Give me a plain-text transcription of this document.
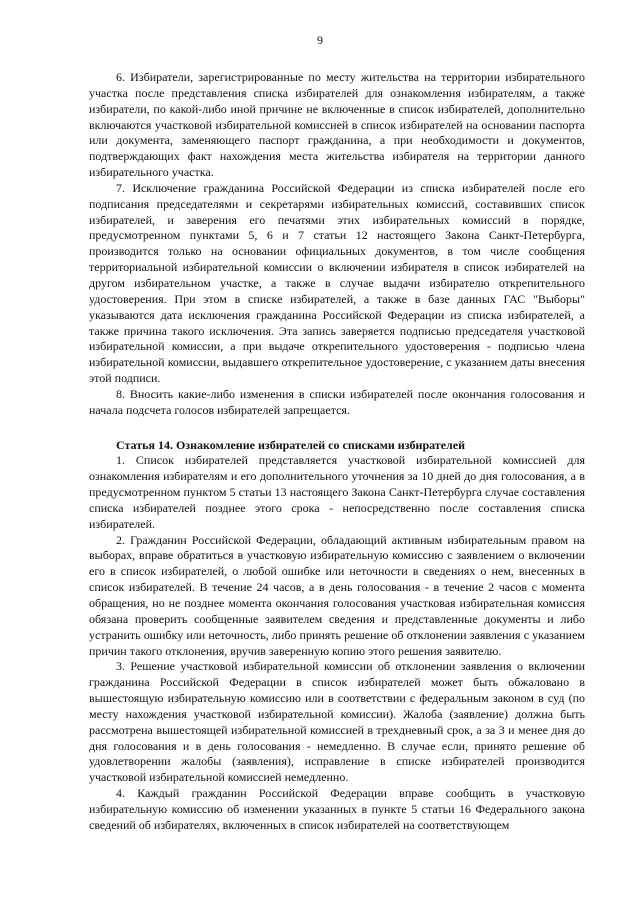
9

6. Избиратели, зарегистрированные по месту жительства на территории избирательного участка после представления списка избирателей для ознакомления избирателям, а также избиратели, по какой-либо иной причине не включенные в список избирателей, дополнительно включаются участковой избирательной комиссией в список избирателей на основании паспорта или документа, заменяющего паспорт гражданина, а при необходимости и документов, подтверждающих факт нахождения места жительства избирателя на территории данного избирательного участка.

7. Исключение гражданина Российской Федерации из списка избирателей после его подписания председателями и секретарями избирательных комиссий, составивших список избирателей, и заверения его печатями этих избирательных комиссий в порядке, предусмотренном пунктами 5, 6 и 7 статьи 12 настоящего Закона Санкт-Петербурга, производится только на основании официальных документов, в том числе сообщения территориальной избирательной комиссии о включении избирателя в список избирателей на другом избирательном участке, а также в случае выдачи избирателю открепительного удостоверения. При этом в списке избирателей, а также в базе данных ГАС "Выборы" указываются дата исключения гражданина Российской Федерации из списка избирателей, а также причина такого исключения. Эта запись заверяется подписью председателя участковой избирательной комиссии, а при выдаче открепительного удостоверения - подписью члена избирательной комиссии, выдавшего открепительное удостоверение, с указанием даты внесения этой подписи.

8. Вносить какие-либо изменения в списки избирателей после окончания голосования и начала подсчета голосов избирателей запрещается.

Статья 14. Ознакомление избирателей со списками избирателей

1. Список избирателей представляется участковой избирательной комиссией для ознакомления избирателям и его дополнительного уточнения за 10 дней до дня голосования, а в предусмотренном пунктом 5 статьи 13 настоящего Закона Санкт-Петербурга случае составления списка избирателей позднее этого срока - непосредственно после составления списка избирателей.

2. Гражданин Российской Федерации, обладающий активным избирательным правом на выборах, вправе обратиться в участковую избирательную комиссию с заявлением о включении его в список избирателей, о любой ошибке или неточности в сведениях о нем, внесенных в список избирателей. В течение 24 часов, а в день голосования - в течение 2 часов с момента обращения, но не позднее момента окончания голосования участковая избирательная комиссия обязана проверить сообщенные заявителем сведения и представленные документы и либо устранить ошибку или неточность, либо принять решение об отклонении заявления с указанием причин такого отклонения, вручив заверенную копию этого решения заявителю.

3. Решение участковой избирательной комиссии об отклонении заявления о включении гражданина Российской Федерации в список избирателей может быть обжаловано в вышестоящую избирательную комиссию или в соответствии с федеральным законом в суд (по месту нахождения участковой избирательной комиссии). Жалоба (заявление) должна быть рассмотрена вышестоящей избирательной комиссией в трехдневный срок, а за 3 и менее дня до дня голосования и в день голосования - немедленно. В случае если, принято решение об удовлетворении жалобы (заявления), исправление в списке избирателей производится участковой избирательной комиссией немедленно.

4. Каждый гражданин Российской Федерации вправе сообщить в участковую избирательную комиссию об изменении указанных в пункте 5 статьи 16 Федерального закона сведений об избирателях, включенных в список избирателей на соответствующем
